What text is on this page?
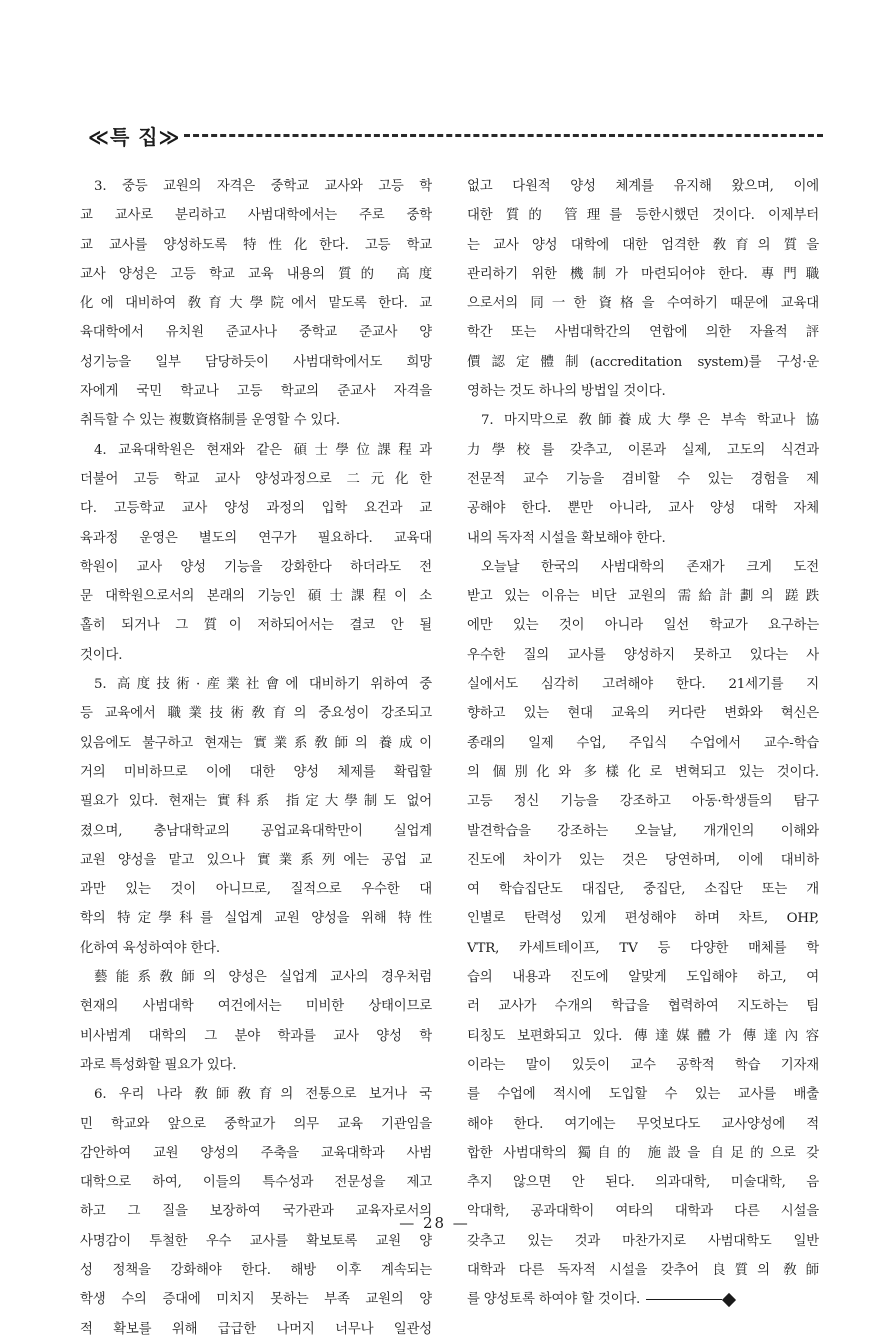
≪특 집≫
3. 중등 교원의 자격은 중학교 교사와 고등 학
교 교사로 분리하고 사범대학에서는 주로 중학
교 교사를 양성하도록 特性化한다. 고등 학교
교사 양성은 고등 학교 교육 내용의 質的 高度
化에 대비하여 敎育大學院에서 맡도록 한다. 교
육대학에서 유치원 준교사나 중학교 준교사 양
성기능을 일부 담당하듯이 사범대학에서도 희망
자에게 국민 학교나 고등 학교의 준교사 자격을
취득할 수 있는 複數資格制를 운영할 수 있다.
4. 교육대학원은 현재와 같은 碩士學位課程과
더불어 고등 학교 교사 양성과정으로 二元化한
다. 고등학교 교사 양성 과정의 입학 요건과 교
육과정 운영은 별도의 연구가 필요하다. 교육대
학원이 교사 양성 기능을 강화한다 하더라도 전
문 대학원으로서의 본래의 기능인 碩士課程이 소
홀히 되거나 그 質이 저하되어서는 결코 안 될
것이다.
5. 高度技術·産業社會에 대비하기 위하여 중
등 교육에서 職業技術敎育의 중요성이 강조되고
있음에도 불구하고 현재는 實業系敎師의 養成이
거의 미비하므로 이에 대한 양성 체제를 확립할
필요가 있다. 현재는 實科系 指定大學制도 없어
졌으며, 충남대학교의 공업교육대학만이 실업계
교원 양성을 맡고 있으나 實業系列에는 공업 교
과만 있는 것이 아니므로, 질적으로 우수한 대
학의 特定學科를 실업계 교원 양성을 위해 特性
化하여 육성하여야 한다.
藝能系敎師의 양성은 실업계 교사의 경우처럼
현재의 사범대학 여건에서는 미비한 상태이므로
비사범계 대학의 그 분야 학과를 교사 양성 학
과로 특성화할 필요가 있다.
6. 우리 나라 敎師敎育의 전통으로 보거나 국
민 학교와 앞으로 중학교가 의무 교육 기관임을
감안하여 교원 양성의 주축을 교육대학과 사범
대학으로 하여, 이들의 특수성과 전문성을 제고
하고 그 질을 보장하여 국가관과 교육자로서의
사명감이 투철한 우수 교사를 확보토록 교원 양
성 정책을 강화해야 한다. 해방 이후 계속되는
학생 수의 증대에 미치지 못하는 부족 교원의 양
적 확보를 위해 급급한 나머지 너무나 일관성
없고 다원적 양성 체계를 유지해 왔으며, 이에
대한 質的 管理를 등한시했던 것이다. 이제부터
는 교사 양성 대학에 대한 엄격한 敎育의 質을
관리하기 위한 機制가 마련되어야 한다. 專門職
으로서의 同一한 資格을 수여하기 때문에 교육대
학간 또는 사범대학간의 연합에 의한 자율적 評
價認定體制(accreditation system)를 구성·운
영하는 것도 하나의 방법일 것이다.
7. 마지막으로 敎師養成大學은 부속 학교나 協
力學校를 갖추고, 이론과 실제, 고도의 식견과
전문적 교수 기능을 겸비할 수 있는 경험을 제
공해야 한다. 뿐만 아니라, 교사 양성 대학 자체
내의 독자적 시설을 확보해야 한다.
오늘날 한국의 사범대학의 존재가 크게 도전
받고 있는 이유는 비단 교원의 需給計劃의 蹉跌
에만 있는 것이 아니라 일선 학교가 요구하는
우수한 질의 교사를 양성하지 못하고 있다는 사
실에서도 심각히 고려해야 한다. 21세기를 지
향하고 있는 현대 교육의 커다란 변화와 혁신은
종래의 일제 수업, 주입식 수업에서 교수-학습
의 個別化와 多樣化로 변혁되고 있는 것이다.
고등 정신 기능을 강조하고 아동·학생들의 탐구
발견학습을 강조하는 오늘날, 개개인의 이해와
진도에 차이가 있는 것은 당연하며, 이에 대비하
여 학습집단도 대집단, 중집단, 소집단 또는 개
인별로 탄력성 있게 편성해야 하며 차트, OHP,
VTR, 카세트테이프, TV 등 다양한 매체를 학
습의 내용과 진도에 알맞게 도입해야 하고, 여
러 교사가 수개의 학급을 협력하여 지도하는 팀
티칭도 보편화되고 있다. 傳達媒體가 傳達內容
이라는 말이 있듯이 교수 공학적 학습 기자재
를 수업에 적시에 도입할 수 있는 교사를 배출
해야 한다. 여기에는 무엇보다도 교사양성에 적
합한 사범대학의 獨自的 施設을 自足的으로 갖
추지 않으면 안 된다. 의과대학, 미술대학, 음
악대학, 공과대학이 여타의 대학과 다른 시설을
갖추고 있는 것과 마찬가지로 사범대학도 일반
대학과 다른 독자적 시설을 갖추어 良質의 敎師
를 양성토록 하여야 할 것이다.
— 28 —
